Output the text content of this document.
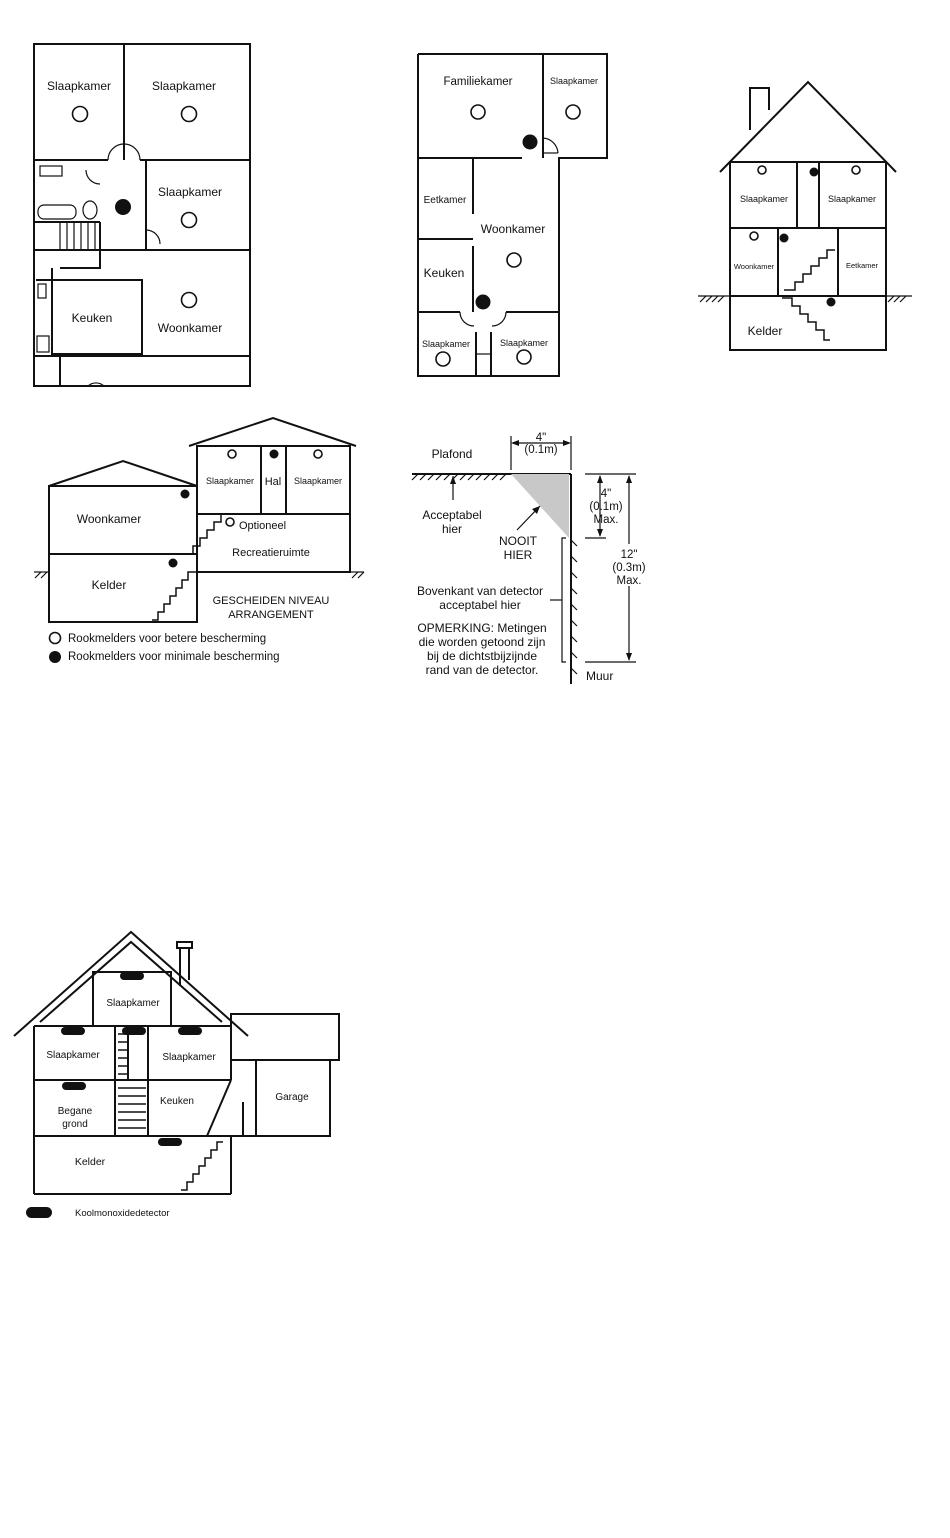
Slaapkamer	Slaapkamer
Slaapkamer
Keuken
Woonkamer
Familiekamer	Slaapkamer
Eetkamer
Woonkamer
Keuken
Slaapkamer	Slaapkamer
Slaapkamer	Slaapkamer
Woonkamer	Eetkamer
Kelder
Slaapkamer Hal Slaapkamer
Woonkamer	Optioneel
Recreatieruimte
Kelder
GESCHEIDEN NIVEAU
ARRANGEMENT
Rookmelders voor betere bescherming
Rookmelders voor minimale bescherming
4"
(0.1m)
Plafond
Acceptabel
hier
NOOIT
HIER
4"
(0.1m)
Max.
12"
(0.3m)
Max.
Bovenkant van detector
acceptabel hier
OPMERKING: Metingen
die worden getoond zijn
bij de dichtstbijzijnde
rand van de detector.	Muur
Slaapkamer
Slaapkamer	Slaapkamer
Begane
grond
Keuken	Garage
Kelder
Koolmonoxidedetector
